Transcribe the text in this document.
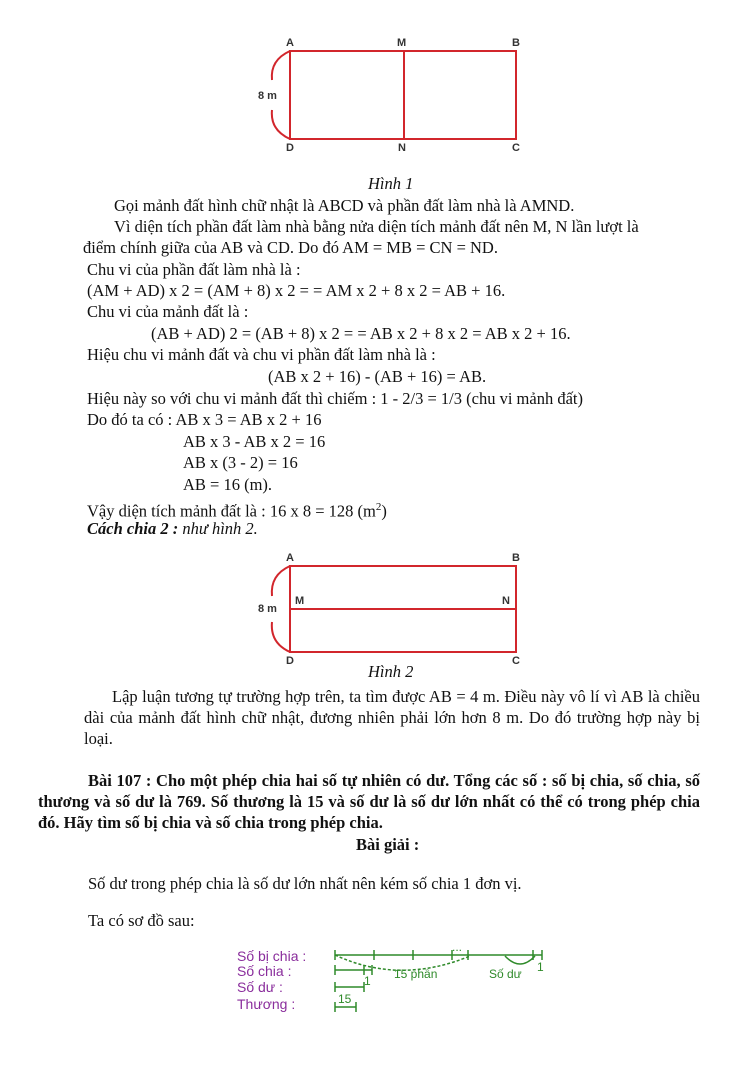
A	M	B
D	N	C
8 m
A	B
M	N
D	C
8 m
Số bị chia :
Số chia :
Số dư :
Thương :
...
15 phần	Số dư 1
1
15
Hình 1
Gọi mảnh đất hình chữ nhật là ABCD và phần đất làm nhà là AMND.
Vì diện tích phần đất làm nhà bằng nửa diện tích mảnh đất nên M, N lần lượt là
điểm chính giữa của AB và CD. Do đó AM = MB = CN = ND.
Chu vi của phần đất làm nhà là :
(AM + AD) x 2 = (AM + 8) x 2 = = AM x 2 + 8 x 2 = AB + 16.
Chu vi của mảnh đất là :
(AB + AD) 2 = (AB + 8) x 2 = = AB x 2 + 8 x 2 = AB x 2 + 16.
Hiệu chu vi mảnh đất và chu vi phần đất làm nhà là :
(AB x 2 + 16) - (AB + 16) = AB.
Hiệu này so với chu vi mảnh đất thì chiếm : 1 - 2/3 = 1/3 (chu vi mảnh đất)
Do đó ta có : AB x 3 = AB x 2 + 16
AB x 3 - AB x 2 = 16
AB x (3 - 2) = 16
AB = 16 (m).
Vậy diện tích mảnh đất là : 16 x 8 = 128 $(m^2)$
Cách chia 2 : như hình 2.
Hình 2
Lập luận tương tự trường hợp trên, ta tìm được AB = 4 m. Điều này vô lí vì AB là chiều dài của mảnh đất hình chữ nhật, đương nhiên phải lớn hơn 8 m. Do đó trường hợp này bị loại.
Bài 107 : Cho một phép chia hai số tự nhiên có dư. Tổng các số : số bị chia, số chia, số thương và số dư là 769. Số thương là 15 và số dư là số dư lớn nhất có thể có trong phép chia đó. Hãy tìm số bị chia và số chia trong phép chia.
Bài giải :
Số dư trong phép chia là số dư lớn nhất nên kém số chia 1 đơn vị.
Ta có sơ đồ sau:
